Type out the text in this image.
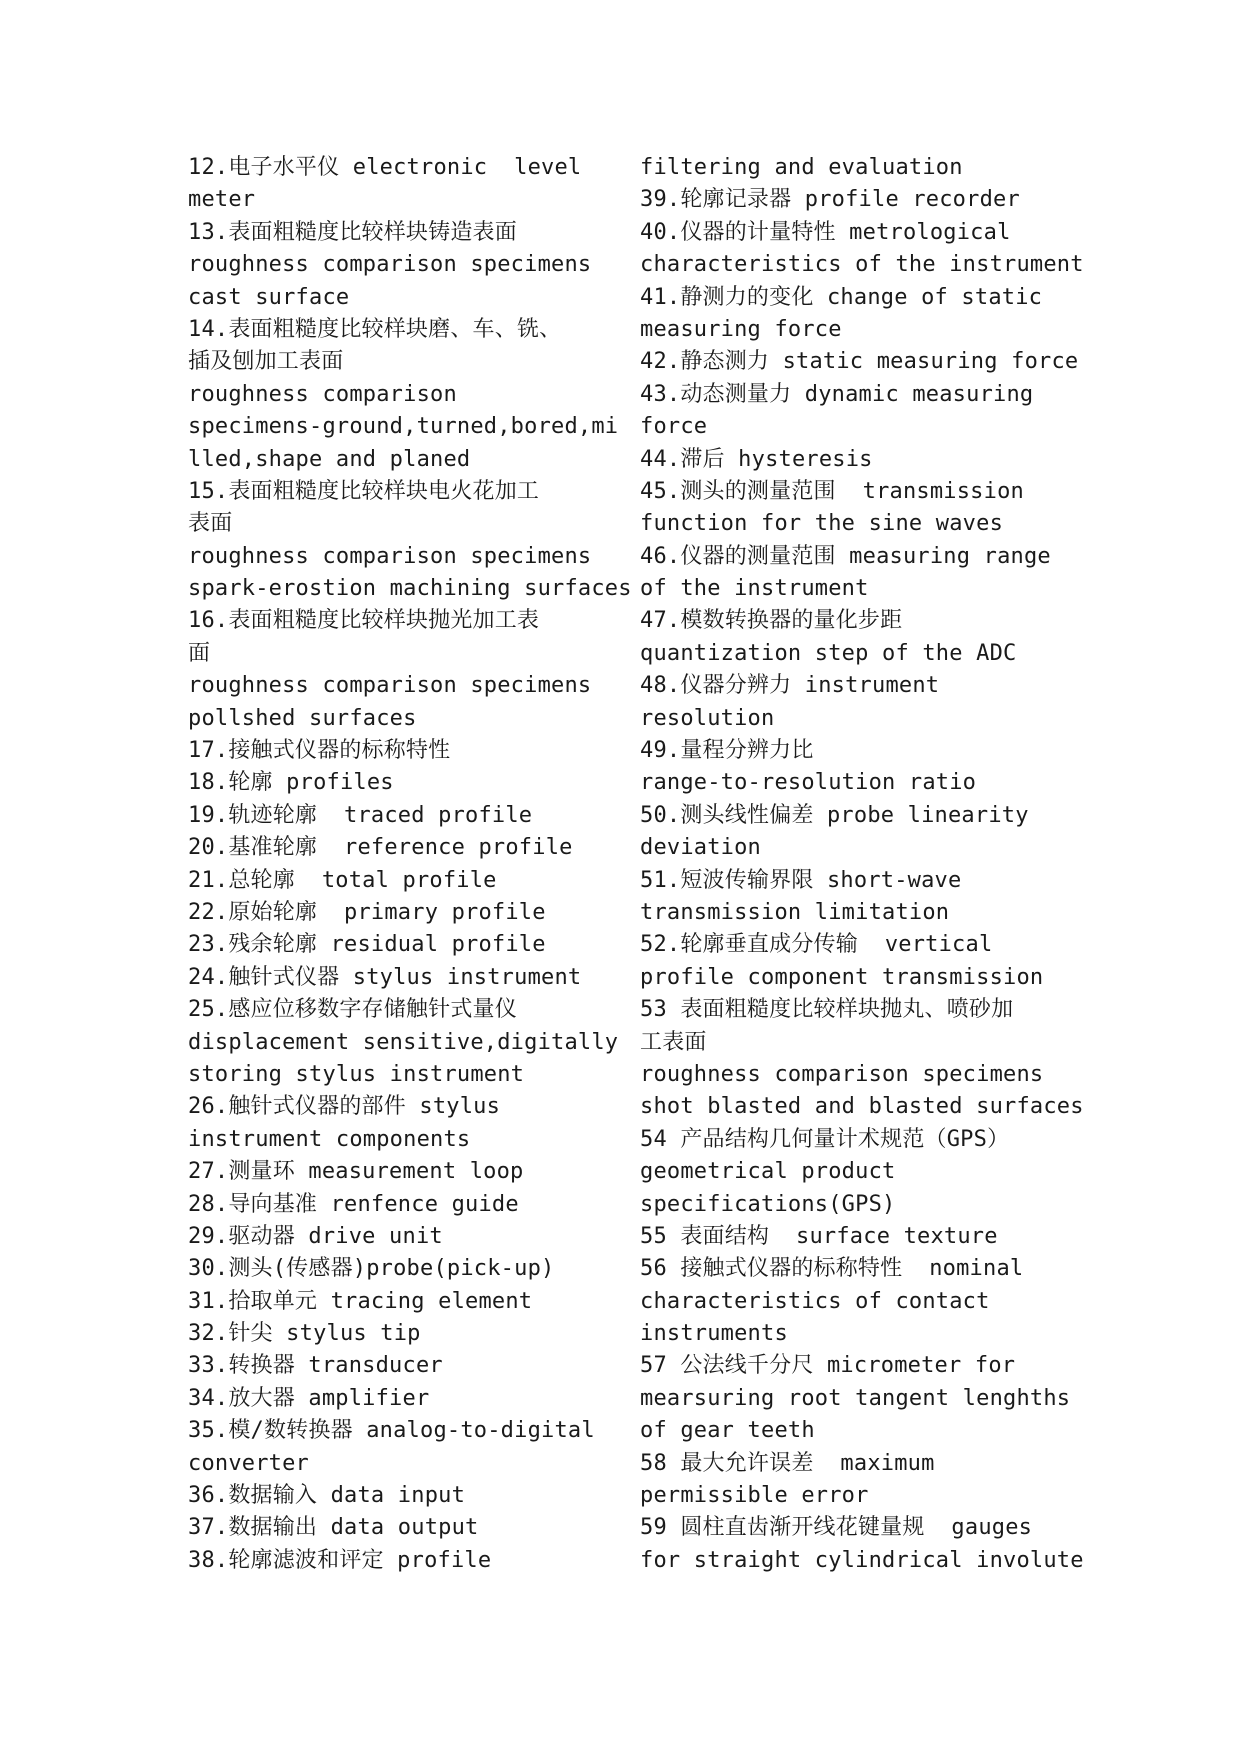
12.电子水平仪 electronic  level
meter
13.表面粗糙度比较样块铸造表面
roughness comparison specimens
cast surface
14.表面粗糙度比较样块磨、车、铣、
插及刨加工表面
roughness comparison
specimens-ground,turned,bored,mi
lled,shape and planed
15.表面粗糙度比较样块电火花加工
表面
roughness comparison specimens
spark-erostion machining surfaces
16.表面粗糙度比较样块抛光加工表
面
roughness comparison specimens
pollshed surfaces
17.接触式仪器的标称特性
18.轮廓 profiles
19.轨迹轮廓  traced profile
20.基准轮廓  reference profile
21.总轮廓  total profile
22.原始轮廓  primary profile
23.残余轮廓 residual profile
24.触针式仪器 stylus instrument
25.感应位移数字存储触针式量仪
displacement sensitive,digitally
storing stylus instrument
26.触针式仪器的部件 stylus
instrument components
27.测量环 measurement loop
28.导向基准 renfence guide
29.驱动器 drive unit
30.测头(传感器)probe(pick-up)
31.拾取单元 tracing element
32.针尖 stylus tip
33.转换器 transducer
34.放大器 amplifier
35.模/数转换器 analog-to-digital
converter
36.数据输入 data input
37.数据输出 data output
38.轮廓滤波和评定 profile
filtering and evaluation
39.轮廓记录器 profile recorder
40.仪器的计量特性 metrological
characteristics of the instrument
41.静测力的变化 change of static
measuring force
42.静态测力 static measuring force
43.动态测量力 dynamic measuring
force
44.滞后 hysteresis
45.测头的测量范围  transmission
function for the sine waves
46.仪器的测量范围 measuring range
of the instrument
47.模数转换器的量化步距
quantization step of the ADC
48.仪器分辨力 instrument
resolution
49.量程分辨力比
range-to-resolution ratio
50.测头线性偏差 probe linearity
deviation
51.短波传输界限 short-wave
transmission limitation
52.轮廓垂直成分传输  vertical
profile component transmission
53 表面粗糙度比较样块抛丸、喷砂加
工表面
roughness comparison specimens
shot blasted and blasted surfaces
54 产品结构几何量计术规范（GPS）
geometrical product
specifications(GPS)
55 表面结构  surface texture
56 接触式仪器的标称特性  nominal
characteristics of contact
instruments
57 公法线千分尺 micrometer for
mearsuring root tangent lenghths
of gear teeth
58 最大允许误差  maximum
permissible error
59 圆柱直齿渐开线花键量规  gauges
for straight cylindrical involute
